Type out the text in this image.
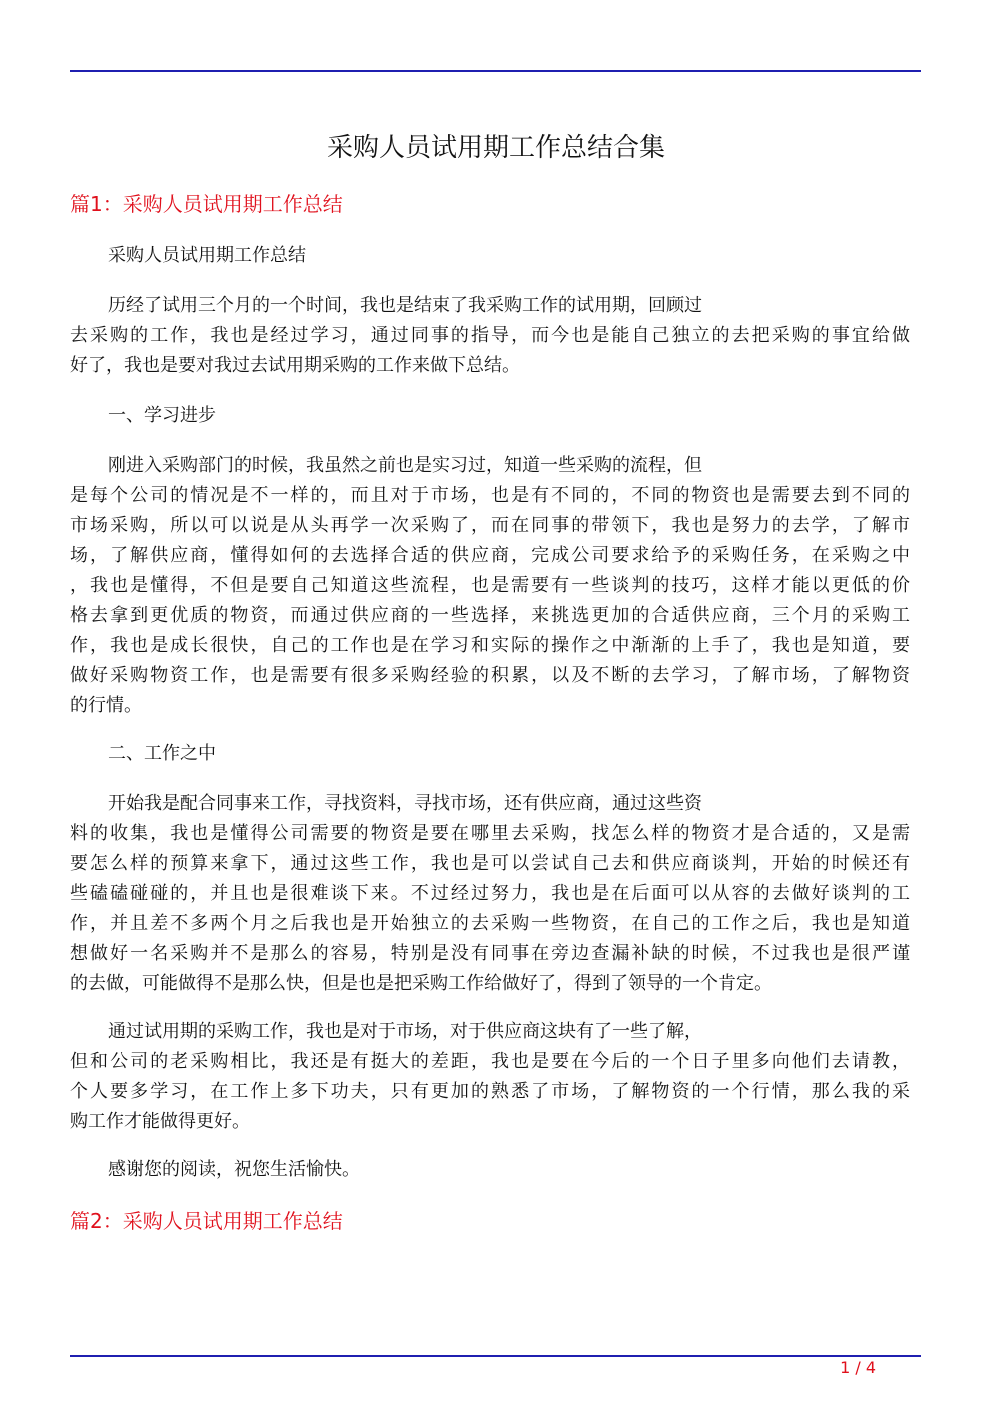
采购人员试用期工作总结合集
篇1：采购人员试用期工作总结
采购人员试用期工作总结
历经了试用三个月的一个时间，我也是结束了我采购工作的试用期，回顾过
去采购的工作，我也是经过学习，通过同事的指导，而今也是能自己独立的去把采购的事宜给做
好了，我也是要对我过去试用期采购的工作来做下总结。
一、学习进步
刚进入采购部门的时候，我虽然之前也是实习过，知道一些采购的流程，但
是每个公司的情况是不一样的，而且对于市场，也是有不同的，不同的物资也是需要去到不同的
市场采购，所以可以说是从头再学一次采购了，而在同事的带领下，我也是努力的去学，了解市
场，了解供应商，懂得如何的去选择合适的供应商，完成公司要求给予的采购任务，在采购之中
，我也是懂得，不但是要自己知道这些流程，也是需要有一些谈判的技巧，这样才能以更低的价
格去拿到更优质的物资，而通过供应商的一些选择，来挑选更加的合适供应商，三个月的采购工
作，我也是成长很快，自己的工作也是在学习和实际的操作之中渐渐的上手了，我也是知道，要
做好采购物资工作，也是需要有很多采购经验的积累，以及不断的去学习，了解市场，了解物资
的行情。
二、工作之中
开始我是配合同事来工作，寻找资料，寻找市场，还有供应商，通过这些资
料的收集，我也是懂得公司需要的物资是要在哪里去采购，找怎么样的物资才是合适的，又是需
要怎么样的预算来拿下，通过这些工作，我也是可以尝试自己去和供应商谈判，开始的时候还有
些磕磕碰碰的，并且也是很难谈下来。不过经过努力，我也是在后面可以从容的去做好谈判的工
作，并且差不多两个月之后我也是开始独立的去采购一些物资，在自己的工作之后，我也是知道
想做好一名采购并不是那么的容易，特别是没有同事在旁边查漏补缺的时候，不过我也是很严谨
的去做，可能做得不是那么快，但是也是把采购工作给做好了，得到了领导的一个肯定。
通过试用期的采购工作，我也是对于市场，对于供应商这块有了一些了解，
但和公司的老采购相比，我还是有挺大的差距，我也是要在今后的一个日子里多向他们去请教，
个人要多学习，在工作上多下功夫，只有更加的熟悉了市场，了解物资的一个行情，那么我的采
购工作才能做得更好。
感谢您的阅读，祝您生活愉快。
篇2：采购人员试用期工作总结
1 / 4
